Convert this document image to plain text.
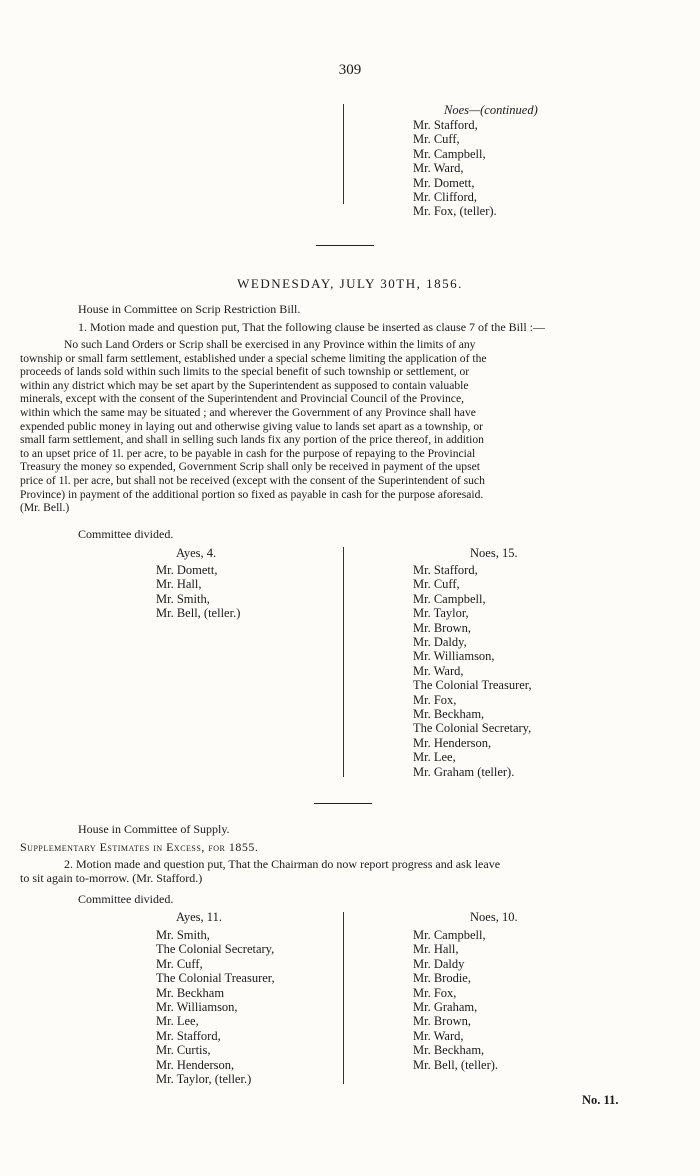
309
Noes—(continued)
Mr. Stafford,
Mr. Cuff,
Mr. Campbell,
Mr. Ward,
Mr. Domett,
Mr. Clifford,
Mr. Fox, (teller).
WEDNESDAY, JULY 30TH, 1856.
House in Committee on Scrip Restriction Bill.
1. Motion made and question put, That the following clause be inserted as clause 7 of the Bill :—
No such Land Orders or Scrip shall be exercised in any Province within the limits of any
township or small farm settlement, established under a special scheme limiting the application of the
proceeds of lands sold within such limits to the special benefit of such township or settlement, or
within any district which may be set apart by the Superintendent as supposed to contain valuable
minerals, except with the consent of the Superintendent and Provincial Council of the Province,
within which the same may be situated ; and wherever the Government of any Province shall have
expended public money in laying out and otherwise giving value to lands set apart as a township, or
small farm settlement, and shall in selling such lands fix any portion of the price thereof, in addition
to an upset price of 1l. per acre, to be payable in cash for the purpose of repaying to the Provincial
Treasury the money so expended, Government Scrip shall only be received in payment of the upset
price of 1l. per acre, but shall not be received (except with the consent of the Superintendent of such
Province) in payment of the additional portion so fixed as payable in cash for the purpose aforesaid.
(Mr. Bell.)
Committee divided.
Ayes, 4.
Mr. Domett,
Mr. Hall,
Mr. Smith,
Mr. Bell, (teller.)
Noes, 15.
Mr. Stafford,
Mr. Cuff,
Mr. Campbell,
Mr. Taylor,
Mr. Brown,
Mr. Daldy,
Mr. Williamson,
Mr. Ward,
The Colonial Treasurer,
Mr. Fox,
Mr. Beckham,
The Colonial Secretary,
Mr. Henderson,
Mr. Lee,
Mr. Graham (teller).
House in Committee of Supply.
Supplementary Estimates in Excess, for 1855.
2. Motion made and question put, That the Chairman do now report progress and ask leave
to sit again to-morrow. (Mr. Stafford.)
Committee divided.
Ayes, 11.
Mr. Smith,
The Colonial Secretary,
Mr. Cuff,
The Colonial Treasurer,
Mr. Beckham
Mr. Williamson,
Mr. Lee,
Mr. Stafford,
Mr. Curtis,
Mr. Henderson,
Mr. Taylor, (teller.)
Noes, 10.
Mr. Campbell,
Mr. Hall,
Mr. Daldy
Mr. Brodie,
Mr. Fox,
Mr. Graham,
Mr. Brown,
Mr. Ward,
Mr. Beckham,
Mr. Bell, (teller).
No. 11.
